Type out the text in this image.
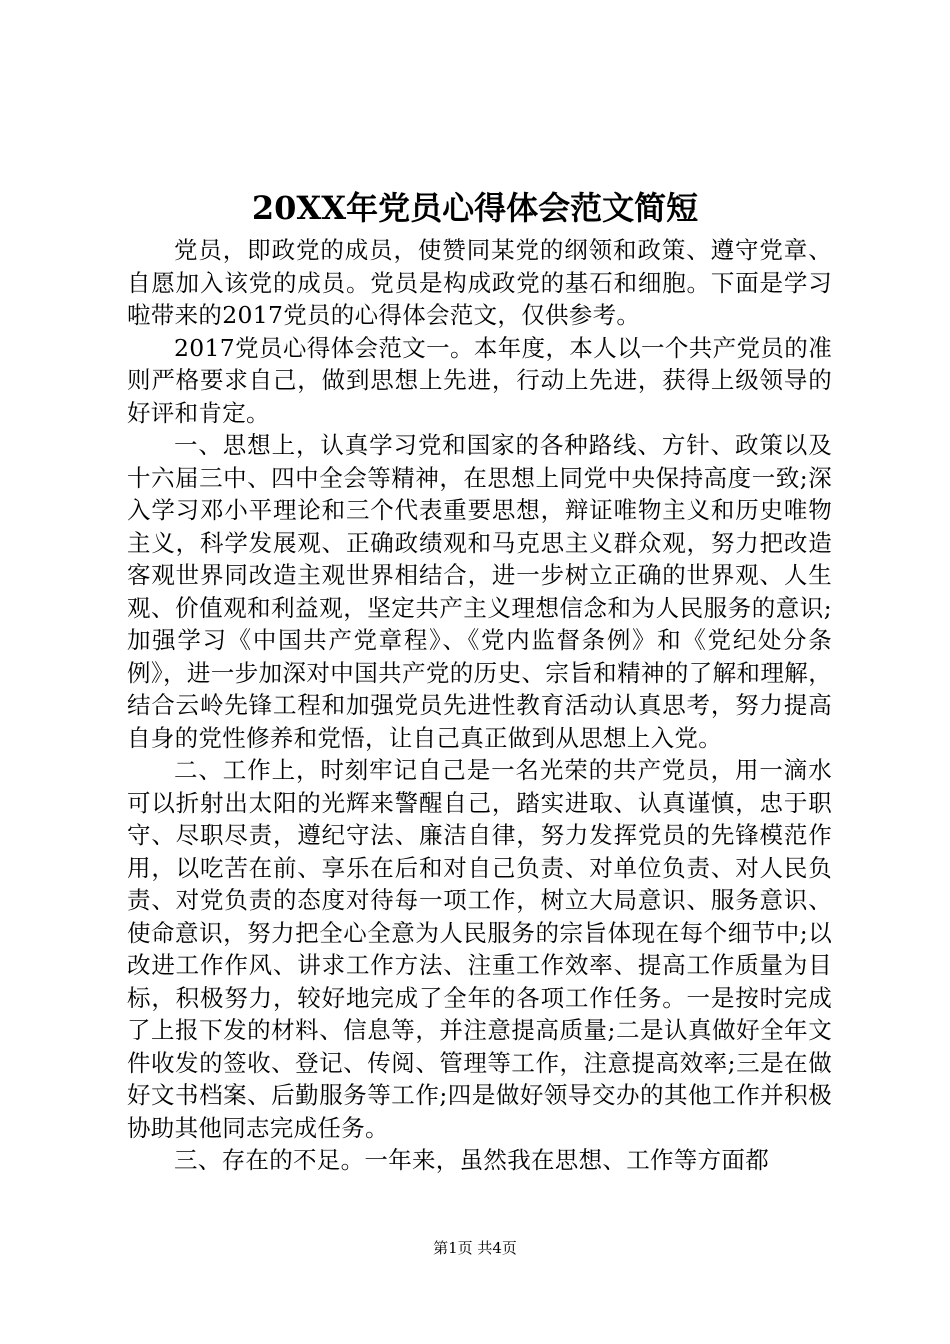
20XX年党员心得体会范文简短

党员，即政党的成员，使赞同某党的纲领和政策、遵守党章、自愿加入该党的成员。党员是构成政党的基石和细胞。下面是学习啦带来的2017党员的心得体会范文，仅供参考。

2017党员心得体会范文一。本年度，本人以一个共产党员的准则严格要求自己，做到思想上先进，行动上先进，获得上级领导的好评和肯定。

一、思想上，认真学习党和国家的各种路线、方针、政策以及十六届三中、四中全会等精神，在思想上同党中央保持高度一致;深入学习邓小平理论和三个代表重要思想，辩证唯物主义和历史唯物主义，科学发展观、正确政绩观和马克思主义群众观，努力把改造客观世界同改造主观世界相结合，进一步树立正确的世界观、人生观、价值观和利益观，坚定共产主义理想信念和为人民服务的意识;加强学习《中国共产党章程》、《党内监督条例》和《党纪处分条例》，进一步加深对中国共产党的历史、宗旨和精神的了解和理解，结合云岭先锋工程和加强党员先进性教育活动认真思考，努力提高自身的党性修养和党悟，让自己真正做到从思想上入党。

二、工作上，时刻牢记自己是一名光荣的共产党员，用一滴水可以折射出太阳的光辉来警醒自己，踏实进取、认真谨慎，忠于职守、尽职尽责，遵纪守法、廉洁自律，努力发挥党员的先锋模范作用，以吃苦在前、享乐在后和对自己负责、对单位负责、对人民负责、对党负责的态度对待每一项工作，树立大局意识、服务意识、使命意识，努力把全心全意为人民服务的宗旨体现在每个细节中;以改进工作作风、讲求工作方法、注重工作效率、提高工作质量为目标，积极努力，较好地完成了全年的各项工作任务。一是按时完成了上报下发的材料、信息等，并注意提高质量;二是认真做好全年文件收发的签收、登记、传阅、管理等工作，注意提高效率;三是在做好文书档案、后勤服务等工作;四是做好领导交办的其他工作并积极协助其他同志完成任务。

三、存在的不足。一年来，虽然我在思想、工作等方面都

第1页 共4页
